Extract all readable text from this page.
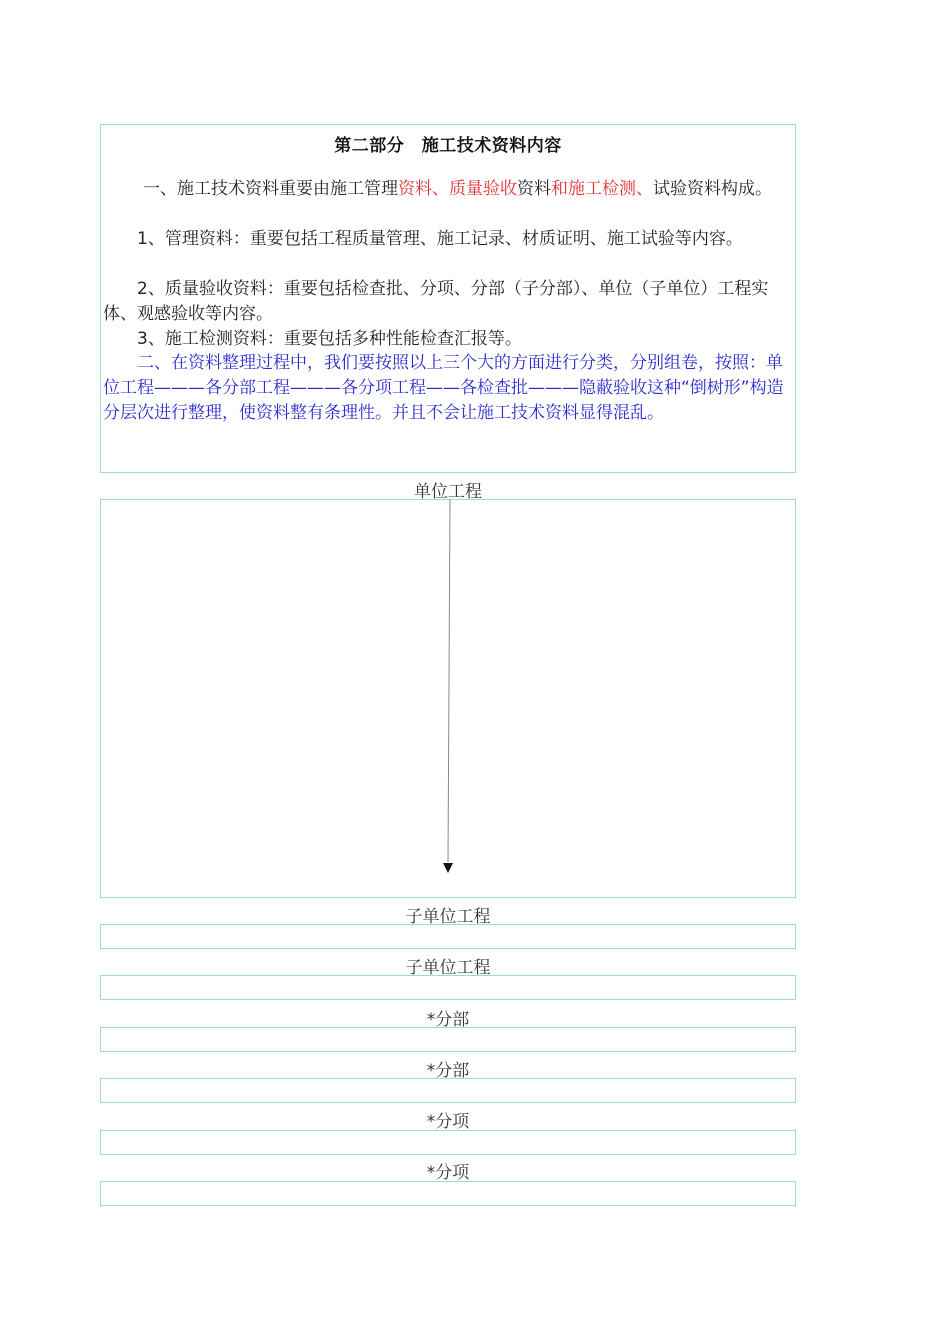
第二部分　施工技术资料内容

一、施工技术资料重要由施工管理资料、质量验收资料和施工检测、试验资料构成。

1、管理资料：重要包括工程质量管理、施工记录、材质证明、施工试验等内容。

2、质量验收资料：重要包括检查批、分项、分部（子分部）、单位（子单位）工程实体、观感验收等内容。

3、施工检测资料：重要包括多种性能检查汇报等。

二、在资料整理过程中，我们要按照以上三个大的方面进行分类，分别组卷，按照：单位工程———各分部工程———各分项工程——各检查批———隐蔽验收这种“倒树形”构造分层次进行整理，使资料整有条理性。并且不会让施工技术资料显得混乱。

单位工程
子单位工程
子单位工程
*分部
*分部
*分项
*分项
